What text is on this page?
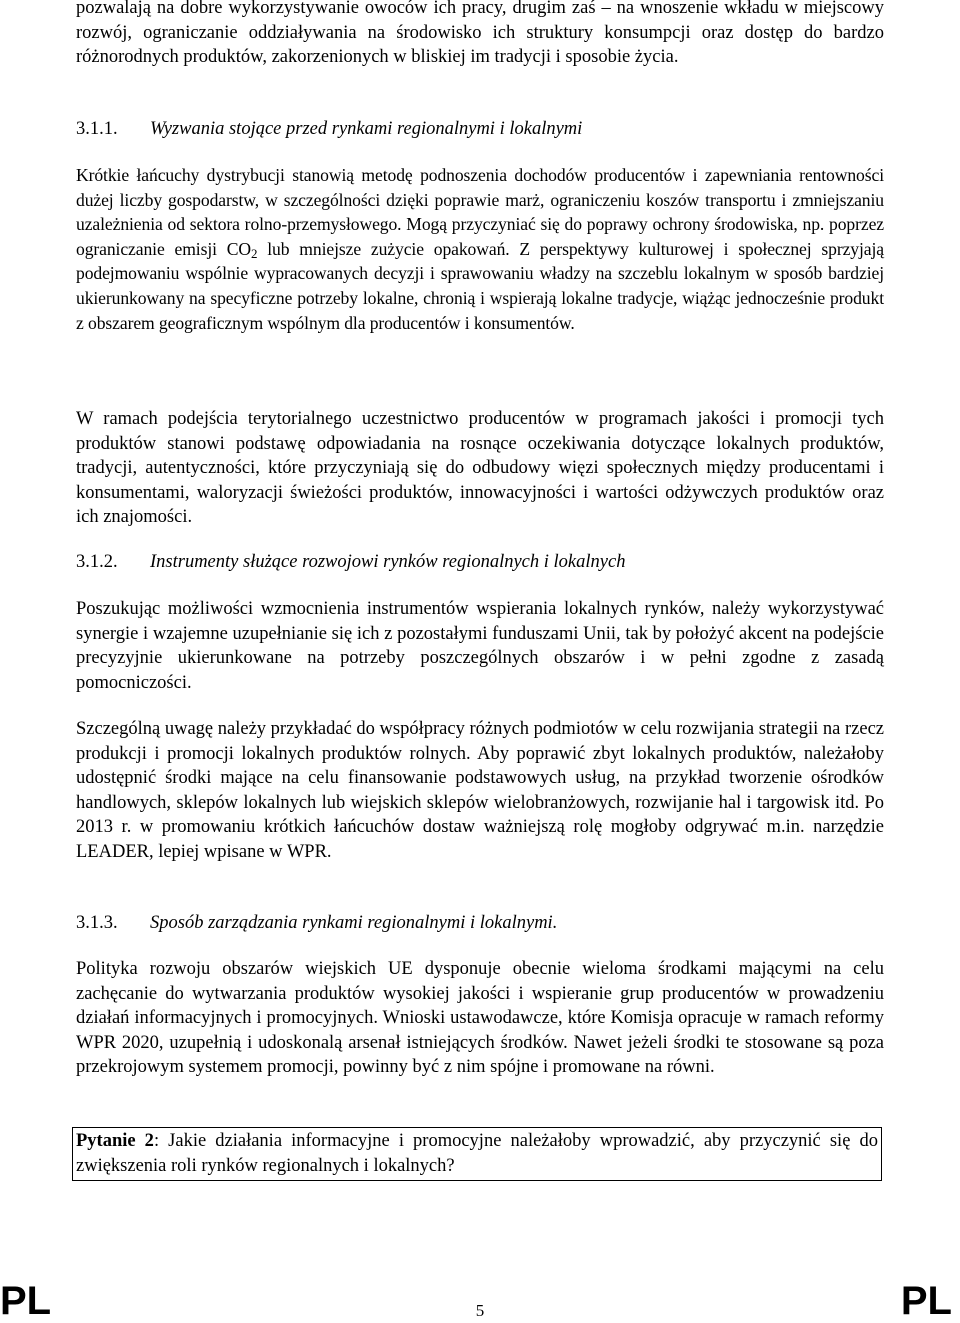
pozwalają na dobre wykorzystywanie owoców ich pracy, drugim zaś – na wnoszenie wkładu w miejscowy rozwój, ograniczanie oddziaływania na środowisko ich struktury konsumpcji oraz dostęp do bardzo różnorodnych produktów, zakorzenionych w bliskiej im tradycji i sposobie życia.

3.1.1. Wyzwania stojące przed rynkami regionalnymi i lokalnymi

Krótkie łańcuchy dystrybucji stanowią metodę podnoszenia dochodów producentów i zapewniania rentowności dużej liczby gospodarstw, w szczególności dzięki poprawie marż, ograniczeniu koszów transportu i zmniejszaniu uzależnienia od sektora rolno-przemysłowego. Mogą przyczyniać się do poprawy ochrony środowiska, np. poprzez ograniczanie emisji $CO_2$ lub mniejsze zużycie opakowań. Z perspektywy kulturowej i społecznej sprzyjają podejmowaniu wspólnie wypracowanych decyzji i sprawowaniu władzy na szczeblu lokalnym w sposób bardziej ukierunkowany na specyficzne potrzeby lokalne, chronią i wspierają lokalne tradycje, wiążąc jednocześnie produkt z obszarem geograficznym wspólnym dla producentów i konsumentów.

W ramach podejścia terytorialnego uczestnictwo producentów w programach jakości i promocji tych produktów stanowi podstawę odpowiadania na rosnące oczekiwania dotyczące lokalnych produktów, tradycji, autentyczności, które przyczyniają się do odbudowy więzi społecznych między producentami i konsumentami, waloryzacji świeżości produktów, innowacyjności i wartości odżywczych produktów oraz ich znajomości.

3.1.2. Instrumenty służące rozwojowi rynków regionalnych i lokalnych

Poszukując możliwości wzmocnienia instrumentów wspierania lokalnych rynków, należy wykorzystywać synergie i wzajemne uzupełnianie się ich z pozostałymi funduszami Unii, tak by położyć akcent na podejście precyzyjnie ukierunkowane na potrzeby poszczególnych obszarów i w pełni zgodne z zasadą pomocniczości.

Szczególną uwagę należy przykładać do współpracy różnych podmiotów w celu rozwijania strategii na rzecz produkcji i promocji lokalnych produktów rolnych. Aby poprawić zbyt lokalnych produktów, należałoby udostępnić środki mające na celu finansowanie podstawowych usług, na przykład tworzenie ośrodków handlowych, sklepów lokalnych lub wiejskich sklepów wielobranżowych, rozwijanie hal i targowisk itd. Po 2013 r. w promowaniu krótkich łańcuchów dostaw ważniejszą rolę mogłoby odgrywać m.in. narzędzie LEADER, lepiej wpisane w WPR.

3.1.3. Sposób zarządzania rynkami regionalnymi i lokalnymi.

Polityka rozwoju obszarów wiejskich UE dysponuje obecnie wieloma środkami mającymi na celu zachęcanie do wytwarzania produktów wysokiej jakości i wspieranie grup producentów w prowadzeniu działań informacyjnych i promocyjnych. Wnioski ustawodawcze, które Komisja opracuje w ramach reformy WPR 2020, uzupełnią i udoskonalą arsenał istniejących środków. Nawet jeżeli środki te stosowane są poza przekrojowym systemem promocji, powinny być z nim spójne i promowane na równi.

Pytanie 2: Jakie działania informacyjne i promocyjne należałoby wprowadzić, aby przyczynić się do zwiększenia roli rynków regionalnych i lokalnych?

PL	5	PL
